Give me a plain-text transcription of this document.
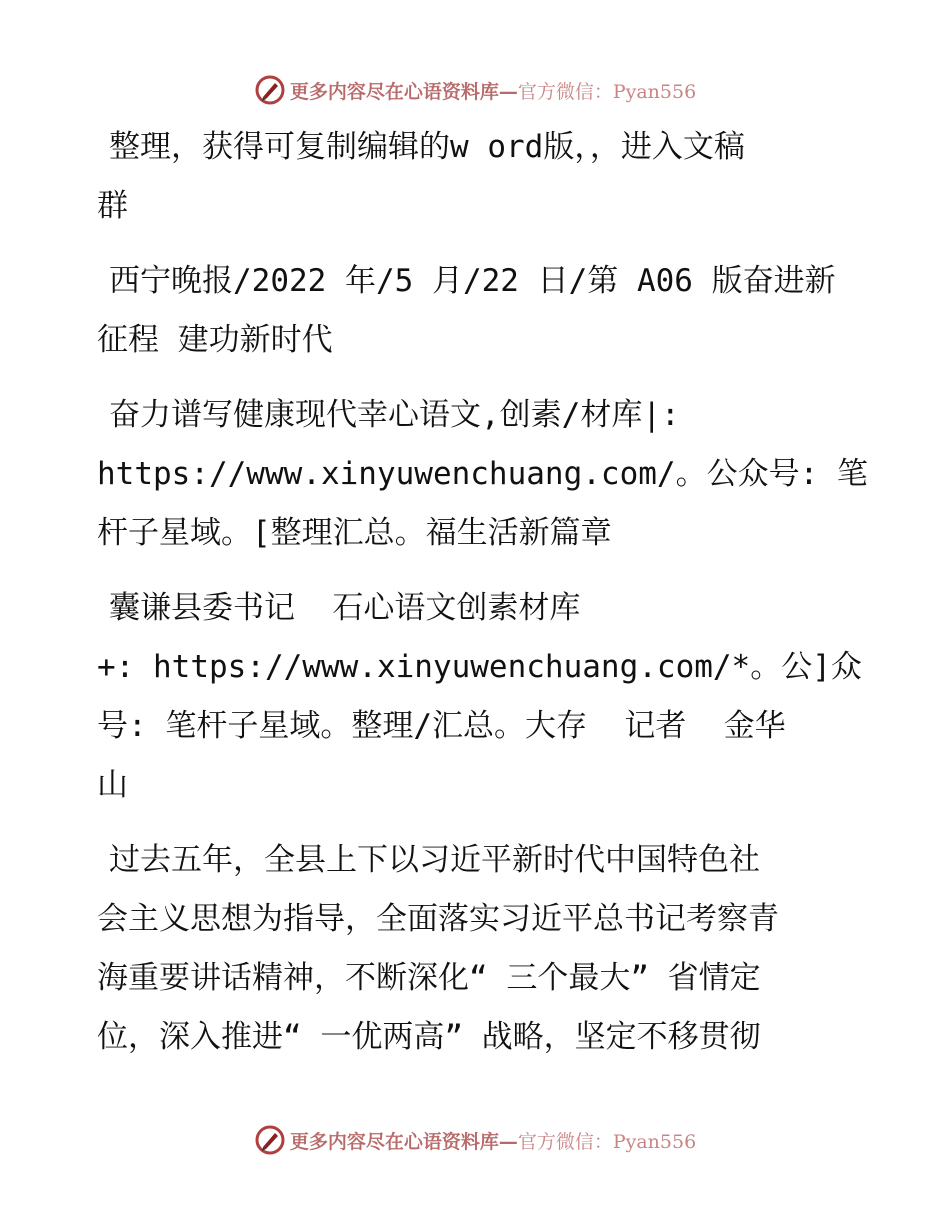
更多内容尽在心语资料库—官方微信：Pyan556

整理，获得可复制编辑的w ord版，，进入文稿
群

西宁晚报/2022 年/5 月/22 日/第 A06 版奋进新
征程 建功新时代

奋力谱写健康现代幸心语文,创素/材库|:
https://www.xinyuwenchuang.com/。公众号: 笔
杆子星域。[整理汇总。福生活新篇章

囊谦县委书记  石心语文创素材库
+: https://www.xinyuwenchuang.com/*。公]众
号: 笔杆子星域。整理/汇总。大存  记者  金华
山

过去五年，全县上下以习近平新时代中国特色社
会主义思想为指导，全面落实习近平总书记考察青
海重要讲话精神，不断深化“ 三个最大” 省情定
位，深入推进“ 一优两高” 战略，坚定不移贯彻

更多内容尽在心语资料库—官方微信：Pyan556
